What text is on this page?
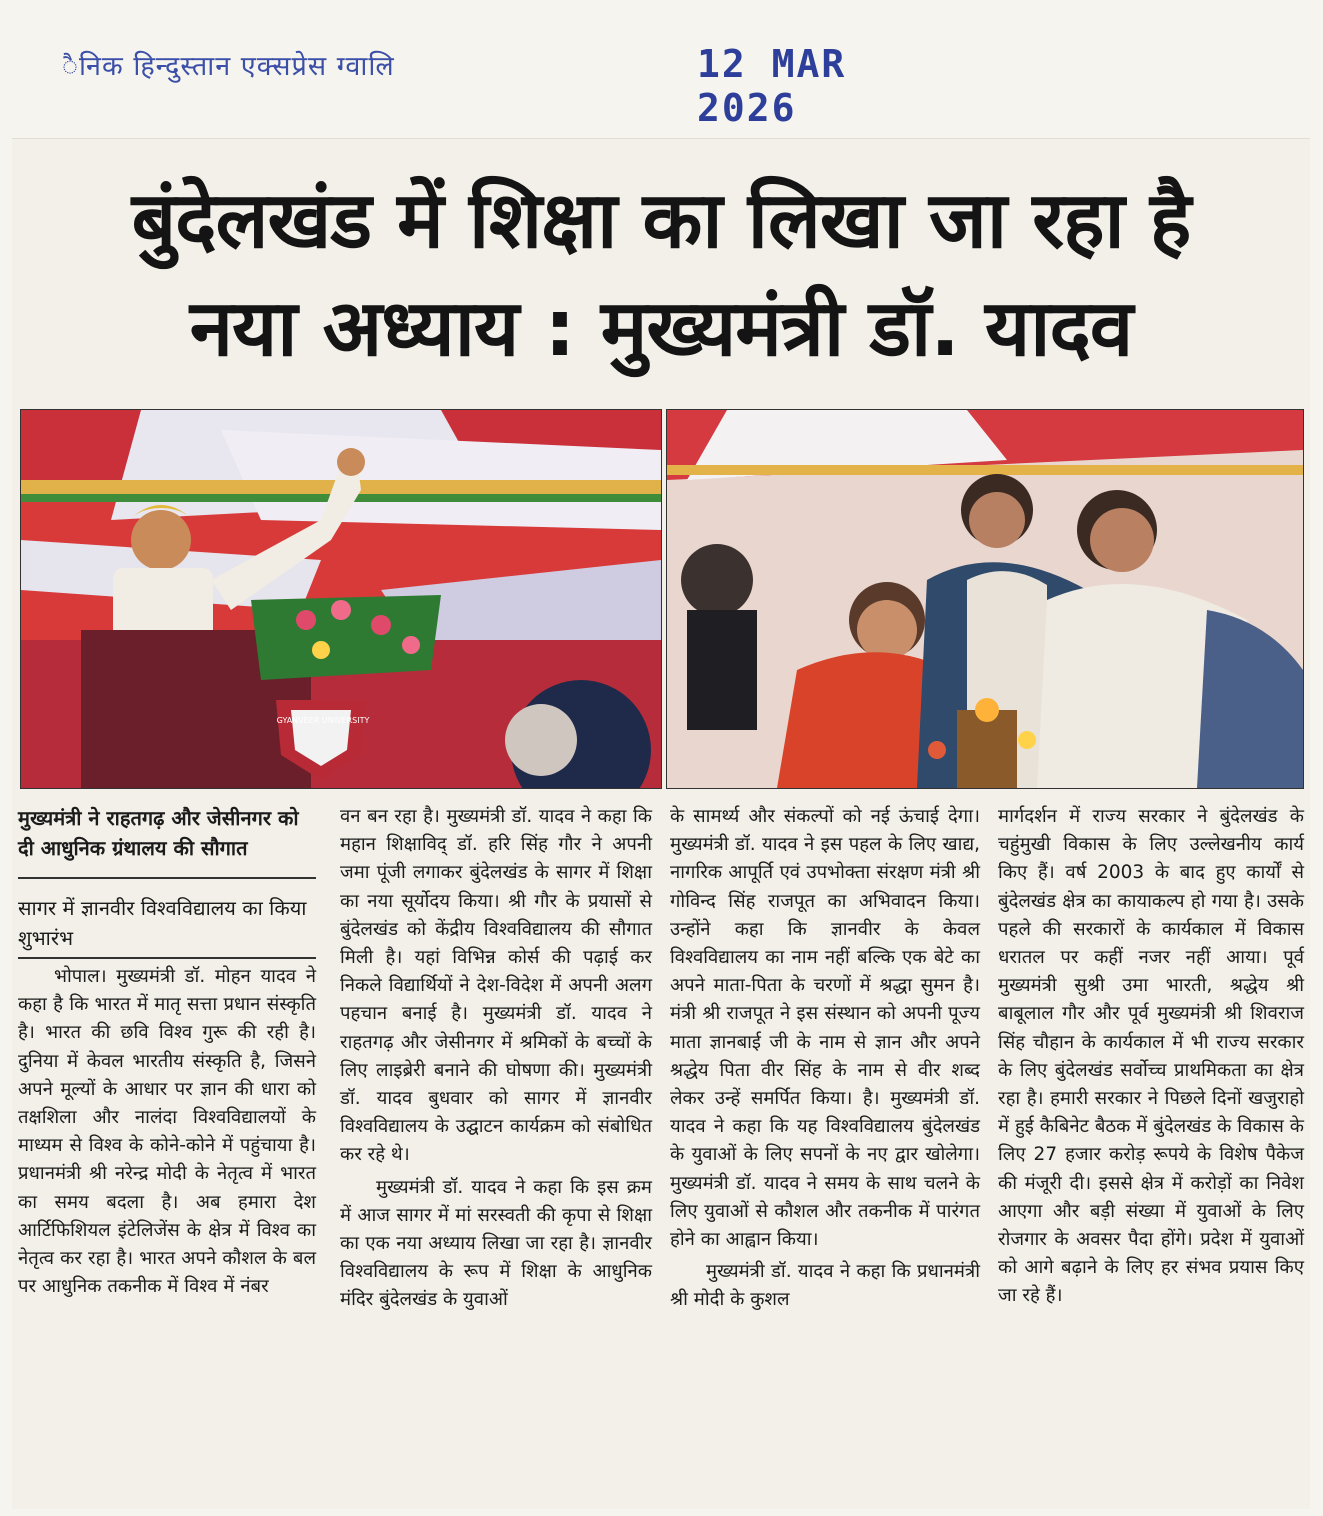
ैनिक हिन्दुस्तान एक्सप्रेस ग्वालि	12 MAR 2026
बुंदेलखंड में शिक्षा का लिखा जा रहा है
नया अध्याय : मुख्यमंत्री डॉ. यादव
GYANVEER UNIVERSITY
मुख्यमंत्री ने राहतगढ़ और जेसीनगर को दी आधुनिक ग्रंथालय की सौगात
सागर में ज्ञानवीर विश्वविद्यालय का किया शुभारंभ

भोपाल। मुख्यमंत्री डॉ. मोहन यादव ने कहा है कि भारत में मातृ सत्ता प्रधान संस्कृति है। भारत की छवि विश्व गुरू की रही है। दुनिया में केवल भारतीय संस्कृति है, जिसने अपने मूल्यों के आधार पर ज्ञान की धारा को तक्षशिला और नालंदा विश्वविद्यालयों के माध्यम से विश्व के कोने-कोने में पहुंचाया है। प्रधानमंत्री श्री नरेन्द्र मोदी के नेतृत्व में भारत का समय बदला है। अब हमारा देश आर्टिफिशियल इंटेलिजेंस के क्षेत्र में विश्व का नेतृत्व कर रहा है। भारत अपने कौशल के बल पर आधुनिक तकनीक में विश्व में नंबर

वन बन रहा है। मुख्यमंत्री डॉ. यादव ने कहा कि महान शिक्षाविद् डॉ. हरि सिंह गौर ने अपनी जमा पूंजी लगाकर बुंदेलखंड के सागर में शिक्षा का नया सूर्योदय किया। श्री गौर के प्रयासों से बुंदेलखंड को केंद्रीय विश्वविद्यालय की सौगात मिली है। यहां विभिन्न कोर्स की पढ़ाई कर निकले विद्यार्थियों ने देश-विदेश में अपनी अलग पहचान बनाई है। मुख्यमंत्री डॉ. यादव ने राहतगढ़ और जेसीनगर में श्रमिकों के बच्चों के लिए लाइब्रेरी बनाने की घोषणा की। मुख्यमंत्री डॉ. यादव बुधवार को सागर में ज्ञानवीर विश्वविद्यालय के उद्घाटन कार्यक्रम को संबोधित कर रहे थे।

मुख्यमंत्री डॉ. यादव ने कहा कि इस क्रम में आज सागर में मां सरस्वती की कृपा से शिक्षा का एक नया अध्याय लिखा जा रहा है। ज्ञानवीर विश्वविद्यालय के रूप में शिक्षा के आधुनिक मंदिर बुंदेलखंड के युवाओं

के सामर्थ्य और संकल्पों को नई ऊंचाई देगा। मुख्यमंत्री डॉ. यादव ने इस पहल के लिए खाद्य, नागरिक आपूर्ति एवं उपभोक्ता संरक्षण मंत्री श्री गोविन्द सिंह राजपूत का अभिवादन किया। उन्होंने कहा कि ज्ञानवीर के केवल विश्वविद्यालय का नाम नहीं बल्कि एक बेटे का अपने माता-पिता के चरणों में श्रद्धा सुमन है। मंत्री श्री राजपूत ने इस संस्थान को अपनी पूज्य माता ज्ञानबाई जी के नाम से ज्ञान और अपने श्रद्धेय पिता वीर सिंह के नाम से वीर शब्द लेकर उन्हें समर्पित किया। है। मुख्यमंत्री डॉ. यादव ने कहा कि यह विश्वविद्यालय बुंदेलखंड के युवाओं के लिए सपनों के नए द्वार खोलेगा। मुख्यमंत्री डॉ. यादव ने समय के साथ चलने के लिए युवाओं से कौशल और तकनीक में पारंगत होने का आह्वान किया।

मुख्यमंत्री डॉ. यादव ने कहा कि प्रधानमंत्री श्री मोदी के कुशल

मार्गदर्शन में राज्य सरकार ने बुंदेलखंड के चहुंमुखी विकास के लिए उल्लेखनीय कार्य किए हैं। वर्ष 2003 के बाद हुए कार्यों से बुंदेलखंड क्षेत्र का कायाकल्प हो गया है। उसके पहले की सरकारों के कार्यकाल में विकास धरातल पर कहीं नजर नहीं आया। पूर्व मुख्यमंत्री सुश्री उमा भारती, श्रद्धेय श्री बाबूलाल गौर और पूर्व मुख्यमंत्री श्री शिवराज सिंह चौहान के कार्यकाल में भी राज्य सरकार के लिए बुंदेलखंड सर्वोच्च प्राथमिकता का क्षेत्र रहा है। हमारी सरकार ने पिछले दिनों खजुराहो में हुई कैबिनेट बैठक में बुंदेलखंड के विकास के लिए 27 हजार करोड़ रूपये के विशेष पैकेज की मंजूरी दी। इससे क्षेत्र में करोड़ों का निवेश आएगा और बड़ी संख्या में युवाओं के लिए रोजगार के अवसर पैदा होंगे। प्रदेश में युवाओं को आगे बढ़ाने के लिए हर संभव प्रयास किए जा रहे हैं।
